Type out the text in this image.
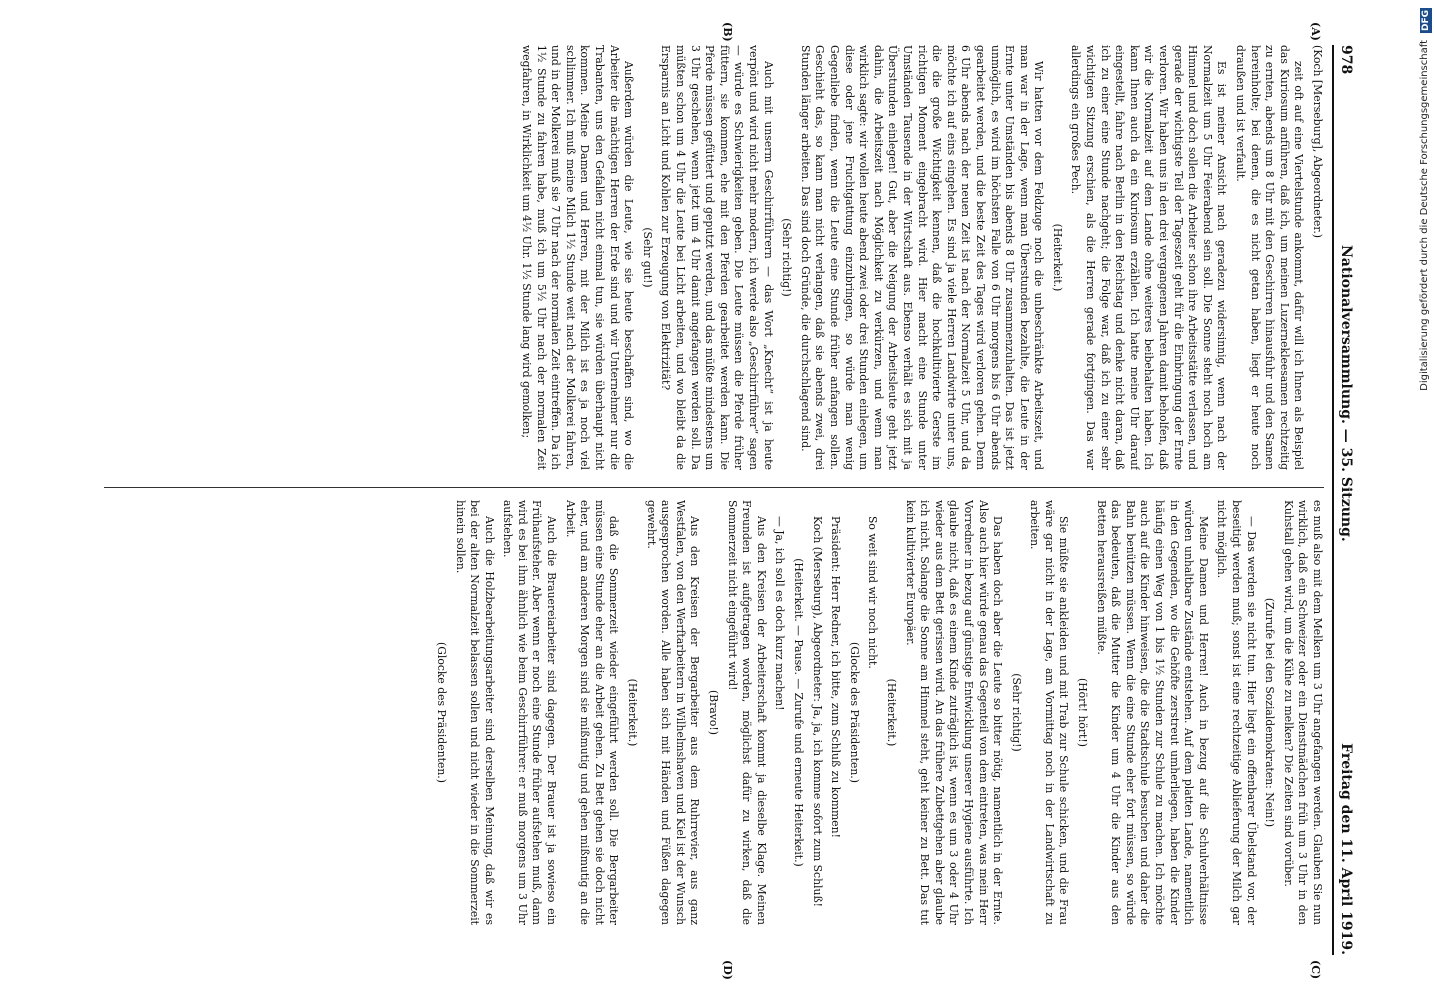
978
Nationalversammlung. — 35. Sitzung.
Freitag den 11. April 1919.
(A)
(B)
(C)
(D)

(Koch [Merseburg], Abgeordneter.)

zeit oft auf eine Viertelstunde ankommt, dafür will ich Ihnen als Beispiel das Kuriosum anführen, daß ich, um meinen Luzernekleesamen rechtzeitig zu ernten, abends um 8 Uhr mit den Geschirren hinausfuhr und den Samen hereinholte; bei denen, die es nicht getan haben, liegt er heute noch draußen und ist verfault.

Es ist meiner Ansicht nach geradezu widersinnig, wenn nach der Normalzeit um 5 Uhr Feierabend sein soll. Die Sonne steht noch hoch am Himmel und doch sollen die Arbeiter schon ihre Arbeitsstätte verlassen, und gerade der wichtigste Teil der Tageszeit geht für die Einbringung der Ernte verloren. Wir haben uns in den drei vergangenen Jahren damit beholfen, daß wir die Normalzeit auf dem Lande ohne weiteres beibehalten haben. Ich kann Ihnen auch da ein Kuriosum erzählen. Ich hatte meine Uhr darauf eingestellt, fahre nach Berlin in den Reichstag und denke nicht daran, daß ich zu einer eine Stunde nachgeht; die Folge war, daß ich zu einer sehr wichtigen Sitzung erschien, als die Herren gerade fortgingen. Das war allerdings ein großes Pech.

(Heiterkeit.)

Wir hatten vor dem Feldzuge noch die unbeschränkte Arbeitszeit, und man war in der Lage, wenn man Überstunden bezahlte, die Leute in der Ernte unter Umständen bis abends 8 Uhr zusammenzuhalten. Das ist jetzt unmöglich, es wird im höchsten Falle von 6 Uhr morgens bis 6 Uhr abends gearbeitet werden, und die beste Zeit des Tages wird verloren gehen. Denn 6 Uhr abends nach der neuen Zeit ist nach der Normalzeit 5 Uhr, und da möchte ich auf eins eingehen. Es sind ja viele Herren Landwirte unter uns, die die große Wichtigkeit kennen, daß die hochkultivierte Gerste im richtigen Moment eingebracht wird. Hier macht eine Stunde unter Umständen Tausende in der Wirtschaft aus. Ebenso verhält es sich mit ja Überstunden einlegen! Gut, aber die Neigung der Arbeitsleute geht jetzt dahin, die Arbeitszeit nach Möglichkeit zu verkürzen, und wenn man wirklich sagte: wir wollen heute abend zwei oder drei Stunden einlegen, um diese oder jene Fruchtgattung einzubringen, so würde man wenig Gegenliebe finden, wenn die Leute eine Stunde früher anfangen sollen. Geschieht das, so kann man nicht verlangen, daß sie abends zwei, drei Stunden länger arbeiten. Das sind doch Gründe, die durchschlagend sind.

(Sehr richtig!)

Auch mit unserm Geschirrführern — das Wort „Knecht“ ist ja heute verpönt und wird nicht mehr modern, ich werde also „Geschirrführer“ sagen — würde es Schwierigkeiten geben. Die Leute müssen die Pferde früher füttern, sie kommen, ehe mit den Pferden gearbeitet werden kann. Die Pferde müssen gefüttert und geputzt werden, und das müßte mindestens um 3 Uhr geschehen, wenn jetzt um 4 Uhr damit angefangen werden soll. Da müßten schon um 4 Uhr die Leute bei Licht arbeiten, und wo bleibt da die Ersparnis an Licht und Kohlen zur Erzeugung von Elektrizität?

(Sehr gut!)

Außerdem würden die Leute, wie sie heute beschaffen sind, wo die Arbeiter die mächtigen Herren der Erde sind und wir Unternehmer nur die Trabanten, uns den Gefallen nicht einmal tun, sie würden überhaupt nicht kommen. Meine Damen und Herren, mit der Milch ist es ja noch viel schlimmer. Ich muß meine Milch 1½ Stunde weit nach der Molkerei fahren, und in der Molkerei muß sie 7 Uhr nach der normalen Zeit eintreffen. Da ich 1½ Stunde zu fahren habe, muß ich um 5½ Uhr nach der normalen Zeit wegfahren, in Wirklichkeit um 4½ Uhr. 1½ Stunde lang wird gemolken;

es muß also mit dem Melken um 3 Uhr angefangen werden. Glauben Sie nun wirklich, daß ein Schweizer oder ein Dienstmädchen früh um 3 Uhr in den Kuhstall gehen wird, um die Kühe zu melken? Die Zeiten sind vorüber.

(Zurufe bei den Sozialdemokraten: Nein!)

— Das werden sie nicht tun. Hier liegt ein offenbarer Übelstand vor, der beseitigt werden muß; sonst ist eine rechtzeitige Ablieferung der Milch gar nicht möglich.

Meine Damen und Herren! Auch in bezug auf die Schulverhältnisse würden unhaltbare Zustände entstehen. Auf dem platten Lande, namentlich in den Gegenden, wo die Gehöfte zerstreut umherliegen, haben die Kinder häufig einen Weg von 1 bis 1½ Stunden zur Schule zu machen. Ich möchte auch auf die Kinder hinweisen, die die Stadtschule besuchen und daher die Bahn benützen müssen. Wenn die eine Stunde eher fort müssen, so würde das bedeuten, daß die Mutter die Kinder um 4 Uhr die Kinder aus den Betten herausreißen müßte.

(Hört! hört!)

Sie müßte sie ankleiden und mit Trab zur Schule schicken, und die Frau wäre gar nicht in der Lage, am Vormittag noch in der Landwirtschaft zu arbeiten.

(Sehr richtig!)

Das haben doch aber die Leute so bitter nötig, namentlich in der Ernte. Also auch hier würde genau das Gegenteil von dem eintreten, was mein Herr Vorredner in bezug auf günstige Entwicklung unserer Hygiene ausführte. Ich glaube nicht, daß es einem Kinde zuträglich ist, wenn es um 3 oder 4 Uhr wieder aus dem Bett gerissen wird. An das frühere Zubettgehen aber glaube ich nicht. Solange die Sonne am Himmel steht, geht keiner zu Bett. Das tut kein kultivierter Europäer.

(Heiterkeit.)

So weit sind wir noch nicht.

(Glocke des Präsidenten.)

Präsident: Herr Redner, ich bitte, zum Schluß zu kommen!

Koch (Merseburg), Abgeordneter: Ja, ja, ich komme sofort zum Schluß!

(Heiterkeit. — Pause. — Zurufe und erneute Heiterkeit.)

— Ja, ich soll es doch kurz machen!

Aus den Kreisen der Arbeiterschaft kommt ja dieselbe Klage. Meinen Freunden ist aufgetragen worden, möglichst dafür zu wirken, daß die Sommerzeit nicht eingeführt wird!

(Bravo!)

Aus den Kreisen der Bergarbeiter aus dem Ruhrrevier, aus ganz Westfalen, von den Werftarbeitern in Wilhelmshaven und Kiel ist der Wunsch ausgesprochen worden. Alle haben sich mit Händen und Füßen dagegen gewehrt.

(Heiterkeit.)

daß die Sommerzeit wieder eingeführt werden soll. Die Bergarbeiter müssen eine Stunde eher an die Arbeit gehen. Zu Bett gehen sie doch nicht eher, und am anderen Morgen sind sie mißmutig und gehen mißmutig an die Arbeit.

Auch die Brauereiarbeiter sind dagegen. Der Brauer ist ja sowieso ein Frühaufsteher. Aber wenn er noch eine Stunde früher aufstehen muß, dann wird es bei ihm ähnlich wie beim Geschirrführer: er muß morgens um 3 Uhr aufstehen.

Auch die Holzbearbeitungsarbeiter sind derselben Meinung, daß wir es bei der alten Normalzeit belassen sollen und nicht wieder in die Sommerzeit hinein sollen.

(Glocke des Präsidenten.)

DFG
Digitalisierung gefördert durch die Deutsche Forschungsgemeinschaft
